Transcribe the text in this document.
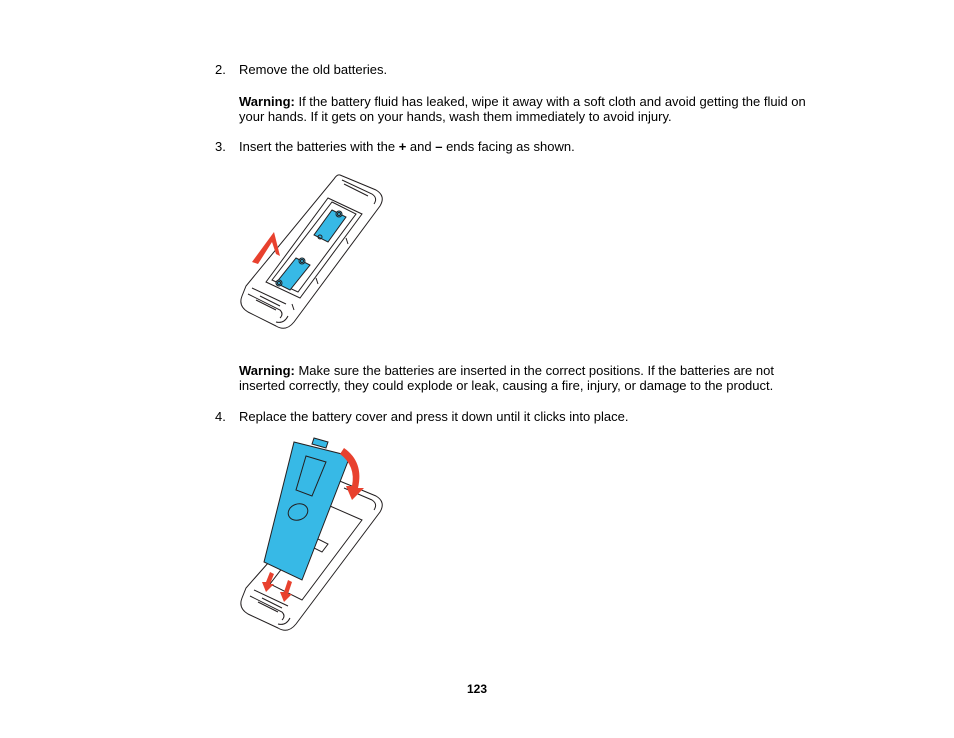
2. Remove the old batteries.
Warning: If the battery fluid has leaked, wipe it away with a soft cloth and avoid getting the fluid on
your hands. If it gets on your hands, wash them immediately to avoid injury.
3. Insert the batteries with the + and – ends facing as shown.
Warning: Make sure the batteries are inserted in the correct positions. If the batteries are not
inserted correctly, they could explode or leak, causing a fire, injury, or damage to the product.
4. Replace the battery cover and press it down until it clicks into place.
123
